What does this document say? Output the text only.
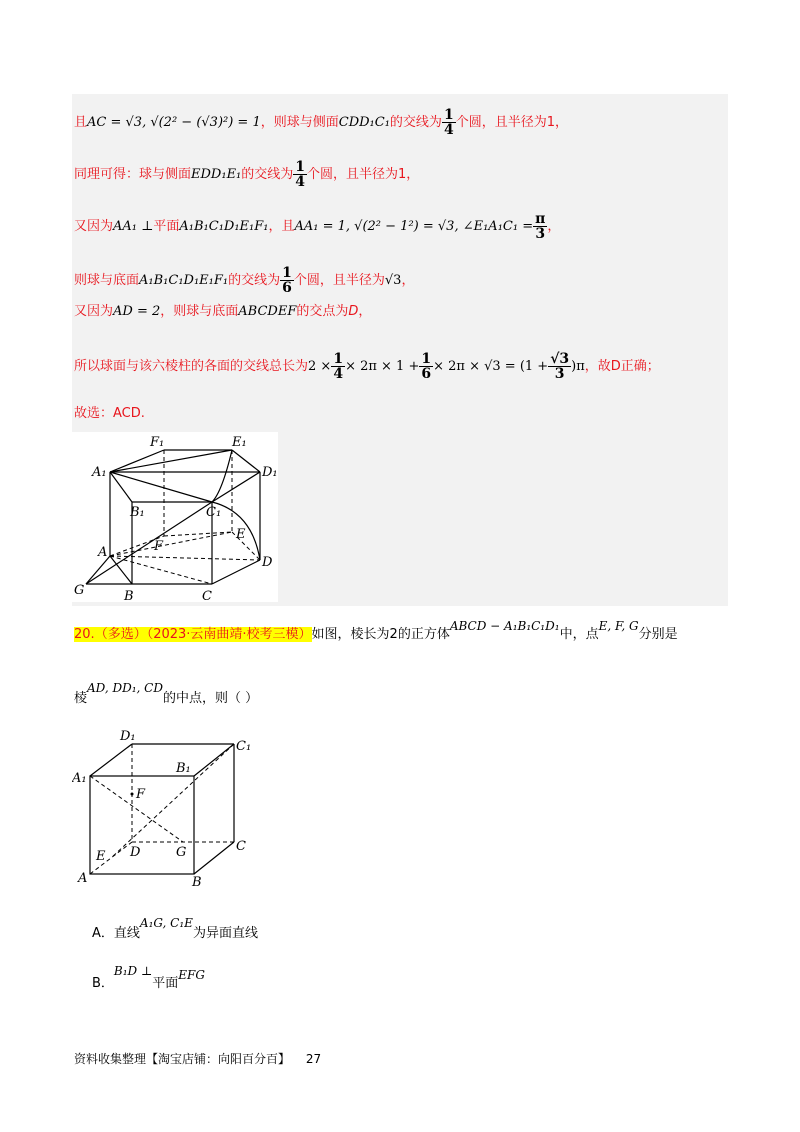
且AC = √3, √(2² − (√3)²) = 1，则球与侧面CDD₁C₁的交线为 $\frac{1}{4}$ 个圆，且半径为1，
同理可得：球与侧面EDD₁E₁的交线为 $\frac{1}{4}$ 个圆，且半径为1，
又因为AA₁ ⊥平面A₁B₁C₁D₁E₁F₁，且AA₁ = 1, √(2² − 1²) = √3, ∠E₁A₁C₁ = $\frac{\pi}{3}$ ，
则球与底面A₁B₁C₁D₁E₁F₁的交线为 $\frac{1}{6}$ 个圆，且半径为√3，
又因为AD = 2，则球与底面ABCDEF的交点为D，
所以球面与该六棱柱的各面的交线总长为$2 \times \frac{1}{4} \times 2\pi \times 1 + \frac{1}{6} \times 2\pi \times √3 = (1 + \frac{√3}{3} )\pi$，故D正确；
故选：ACD.
F₁	E₁
A₁	D₁
B₁	C₁
E
A	F
D
G	B	C
20.（多选）（2023·云南曲靖·校考三模）如图，棱长为2的正方体ABCD − A₁B₁C₁D₁中，点E, F, G分别是
棱AD, DD₁, CD的中点，则（ ）
D₁
C₁
A₁
B₁
F
E D	G	C
A	B
A．直线A₁G, C₁E为异面直线
B．B₁D ⊥平面EFG
资料收集整理【淘宝店铺：向阳百分百】 27
